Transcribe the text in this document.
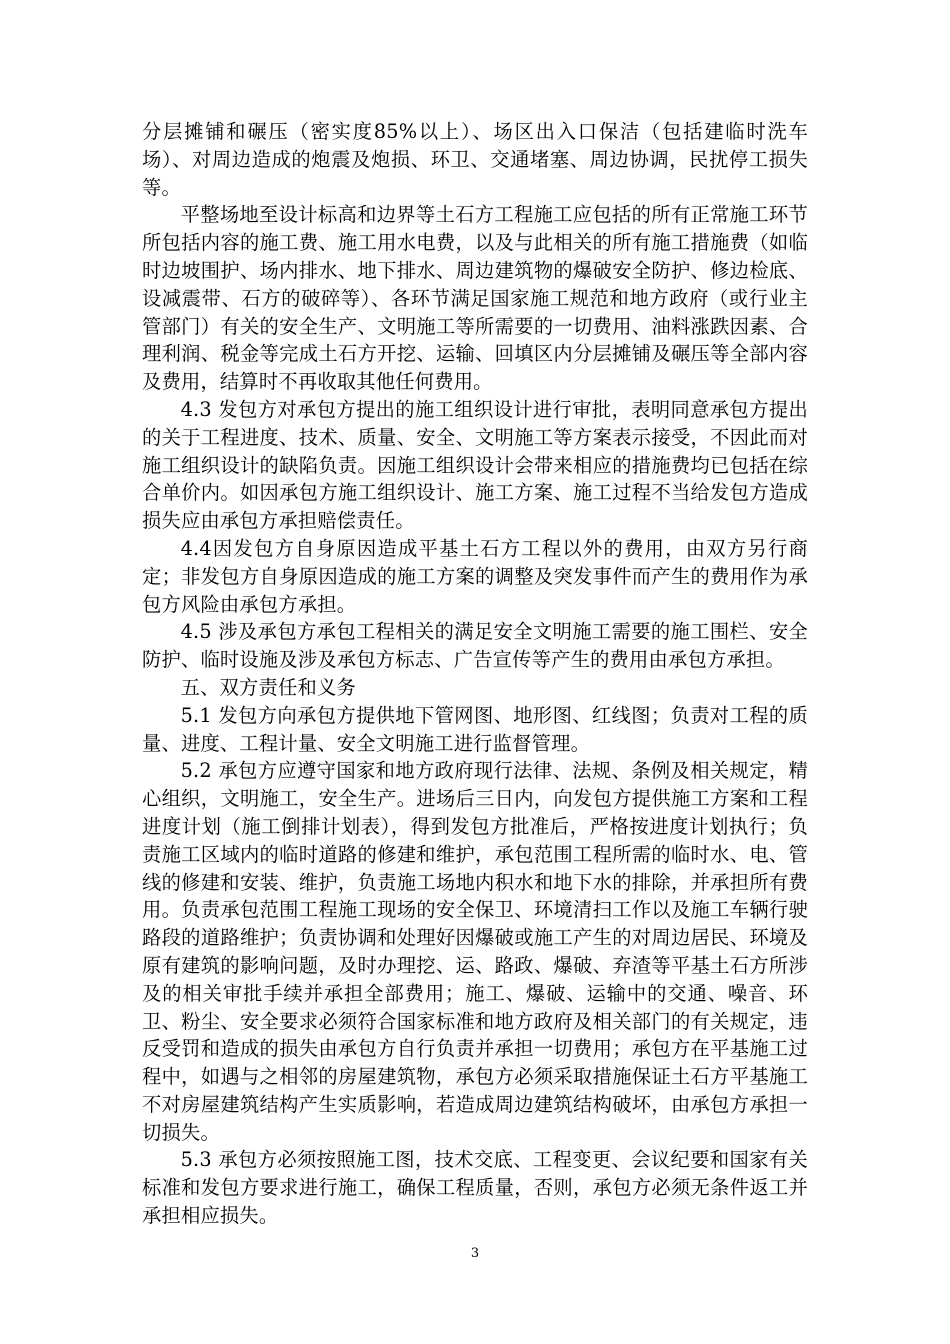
分层摊铺和碾压（密实度85%以上）、场区出入口保洁（包括建临时洗车场）、对周边造成的炮震及炮损、环卫、交通堵塞、周边协调，民扰停工损失等。

平整场地至设计标高和边界等土石方工程施工应包括的所有正常施工环节所包括内容的施工费、施工用水电费，以及与此相关的所有施工措施费（如临时边坡围护、场内排水、地下排水、周边建筑物的爆破安全防护、修边检底、设减震带、石方的破碎等）、各环节满足国家施工规范和地方政府（或行业主管部门）有关的安全生产、文明施工等所需要的一切费用、油料涨跌因素、合理利润、税金等完成土石方开挖、运输、回填区内分层摊铺及碾压等全部内容及费用，结算时不再收取其他任何费用。

4.3 发包方对承包方提出的施工组织设计进行审批，表明同意承包方提出的关于工程进度、技术、质量、安全、文明施工等方案表示接受，不因此而对施工组织设计的缺陷负责。因施工组织设计会带来相应的措施费均已包括在综合单价内。如因承包方施工组织设计、施工方案、施工过程不当给发包方造成损失应由承包方承担赔偿责任。

4.4因发包方自身原因造成平基土石方工程以外的费用，由双方另行商定；非发包方自身原因造成的施工方案的调整及突发事件而产生的费用作为承包方风险由承包方承担。

4.5 涉及承包方承包工程相关的满足安全文明施工需要的施工围栏、安全防护、临时设施及涉及承包方标志、广告宣传等产生的费用由承包方承担。

五、双方责任和义务

5.1 发包方向承包方提供地下管网图、地形图、红线图；负责对工程的质量、进度、工程计量、安全文明施工进行监督管理。

5.2 承包方应遵守国家和地方政府现行法律、法规、条例及相关规定，精心组织，文明施工，安全生产。进场后三日内，向发包方提供施工方案和工程进度计划（施工倒排计划表），得到发包方批准后，严格按进度计划执行；负责施工区域内的临时道路的修建和维护，承包范围工程所需的临时水、电、管线的修建和安装、维护，负责施工场地内积水和地下水的排除，并承担所有费用。负责承包范围工程施工现场的安全保卫、环境清扫工作以及施工车辆行驶路段的道路维护；负责协调和处理好因爆破或施工产生的对周边居民、环境及原有建筑的影响问题，及时办理挖、运、路政、爆破、弃渣等平基土石方所涉及的相关审批手续并承担全部费用；施工、爆破、运输中的交通、噪音、环卫、粉尘、安全要求必须符合国家标准和地方政府及相关部门的有关规定，违反受罚和造成的损失由承包方自行负责并承担一切费用；承包方在平基施工过程中，如遇与之相邻的房屋建筑物，承包方必须采取措施保证土石方平基施工不对房屋建筑结构产生实质影响，若造成周边建筑结构破坏，由承包方承担一切损失。

5.3 承包方必须按照施工图，技术交底、工程变更、会议纪要和国家有关标准和发包方要求进行施工，确保工程质量，否则，承包方必须无条件返工并承担相应损失。

3
